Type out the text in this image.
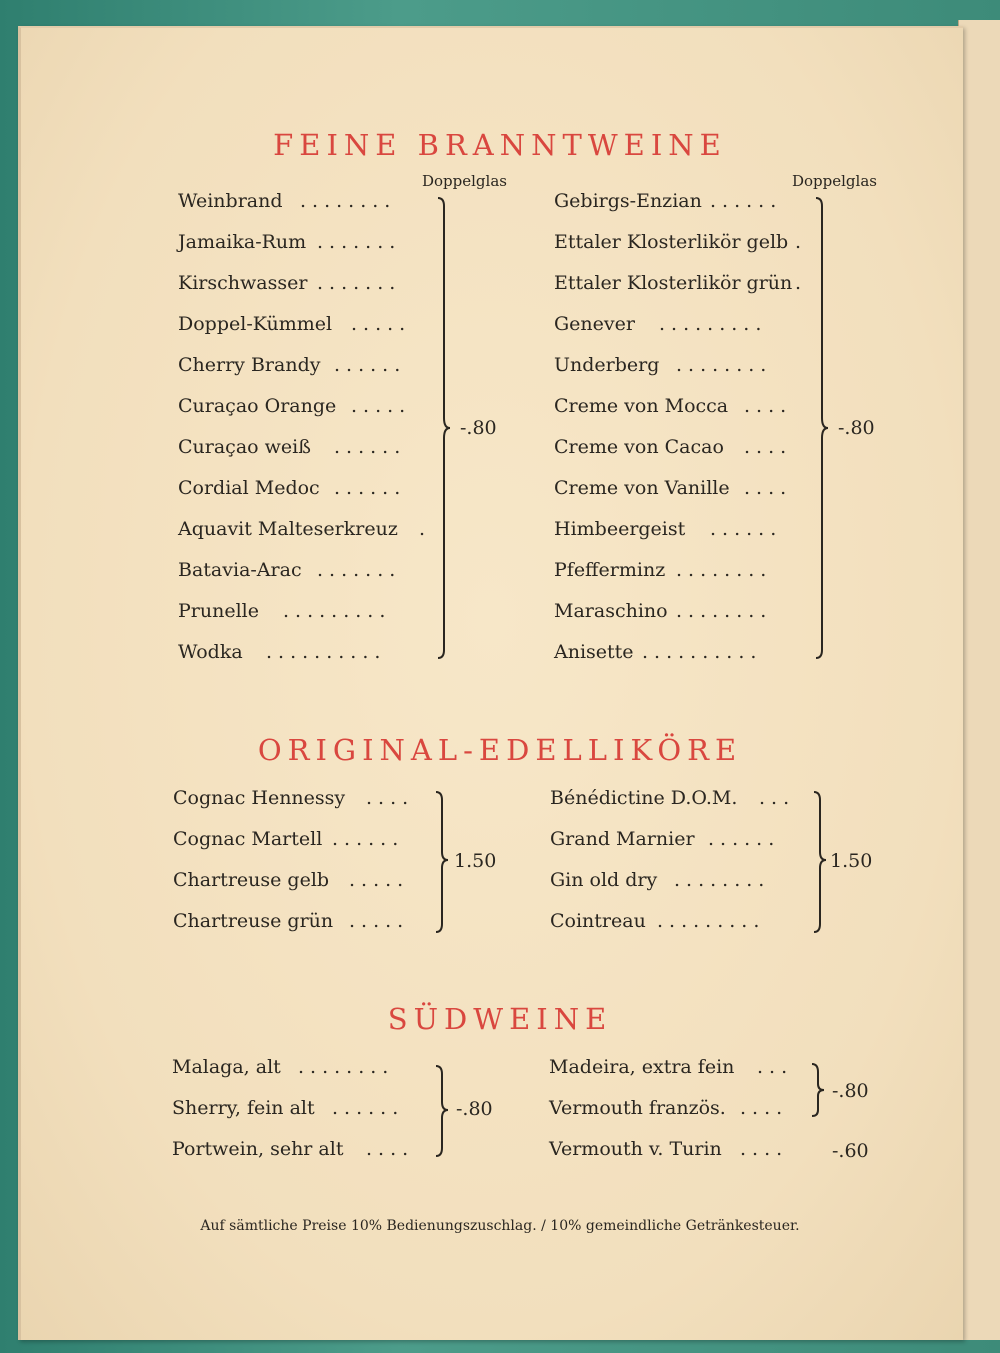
FEINE BRANNTWEINE
Doppelglas	Doppelglas
Weinbrand ........
Jamaika-Rum .......
Kirschwasser .......
Doppel-Kümmel .....
Cherry Brandy ......
Curaçao Orange .....
Curaçao weiß ......
Cordial Medoc ......
Aquavit Malteserkreuz .
Batavia-Arac .......
Prunelle .........
Wodka ..........
Gebirgs-Enzian ......
Ettaler Klosterlikör gelb .
Ettaler Klosterlikör grün .
Genever .........
Underberg ........
Creme von Mocca ....
Creme von Cacao ....
Creme von Vanille ....
Himbeergeist ......
Pfefferminz ........
Maraschino ........
Anisette ..........
-.80	-.80
ORIGINAL-EDELLIKÖRE
Cognac Hennessy ....
Cognac Martell ......
Chartreuse gelb .....
Chartreuse grün .....
Bénédictine D.O.M. ...
Grand Marnier ......
Gin old dry ........
Cointreau .........
1.50	1.50
SÜDWEINE
Malaga, alt ........
Sherry, fein alt ......
Portwein, sehr alt ....
Madeira, extra fein ...
Vermouth französ. ....
Vermouth v. Turin ....
-.80
-.80
-.60
Auf sämtliche Preise 10% Bedienungszuschlag. / 10% gemeindliche Getränkesteuer.
